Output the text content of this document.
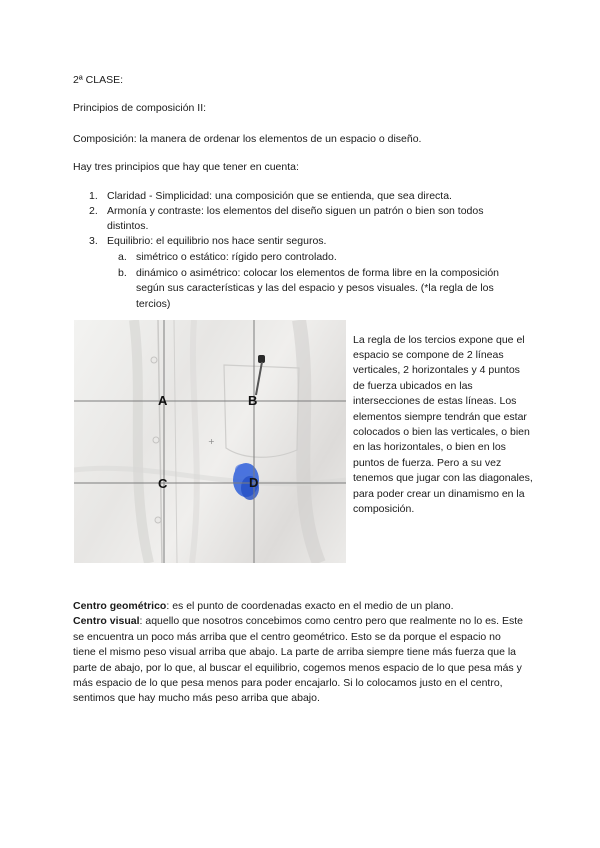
2ª CLASE:

Principios de composición II:

Composición: la manera de ordenar los elementos de un espacio o diseño.

Hay tres principios que hay que tener en cuenta:

1. Claridad - Simplicidad: una composición que se entienda, que sea directa.
2. Armonía y contraste: los elementos del diseño siguen un patrón o bien son todos distintos.
3. Equilibrio: el equilibrio nos hace sentir seguros.
a. simétrico o estático: rígido pero controlado.
b. dinámico o asimétrico: colocar los elementos de forma libre en la composición según sus características y las del espacio y pesos visuales. (*la regla de los tercios)
+
A	B
C	D

La regla de los tercios expone que el espacio se compone de 2 líneas verticales, 2 horizontales y 4 puntos de fuerza ubicados en las intersecciones de estas líneas. Los elementos siempre tendrán que estar colocados o bien las verticales, o bien en las horizontales, o bien en los puntos de fuerza. Pero a su vez tenemos que jugar con las diagonales, para poder crear un dinamismo en la composición.

Centro geométrico: es el punto de coordenadas exacto en el medio de un plano.
Centro visual: aquello que nosotros concebimos como centro pero que realmente no lo es. Este se encuentra un poco más arriba que el centro geométrico. Esto se da porque el espacio no tiene el mismo peso visual arriba que abajo. La parte de arriba siempre tiene más fuerza que la parte de abajo, por lo que, al buscar el equilibrio, cogemos menos espacio de lo que pesa más y más espacio de lo que pesa menos para poder encajarlo. Si lo colocamos justo en el centro, sentimos que hay mucho más peso arriba que abajo.
